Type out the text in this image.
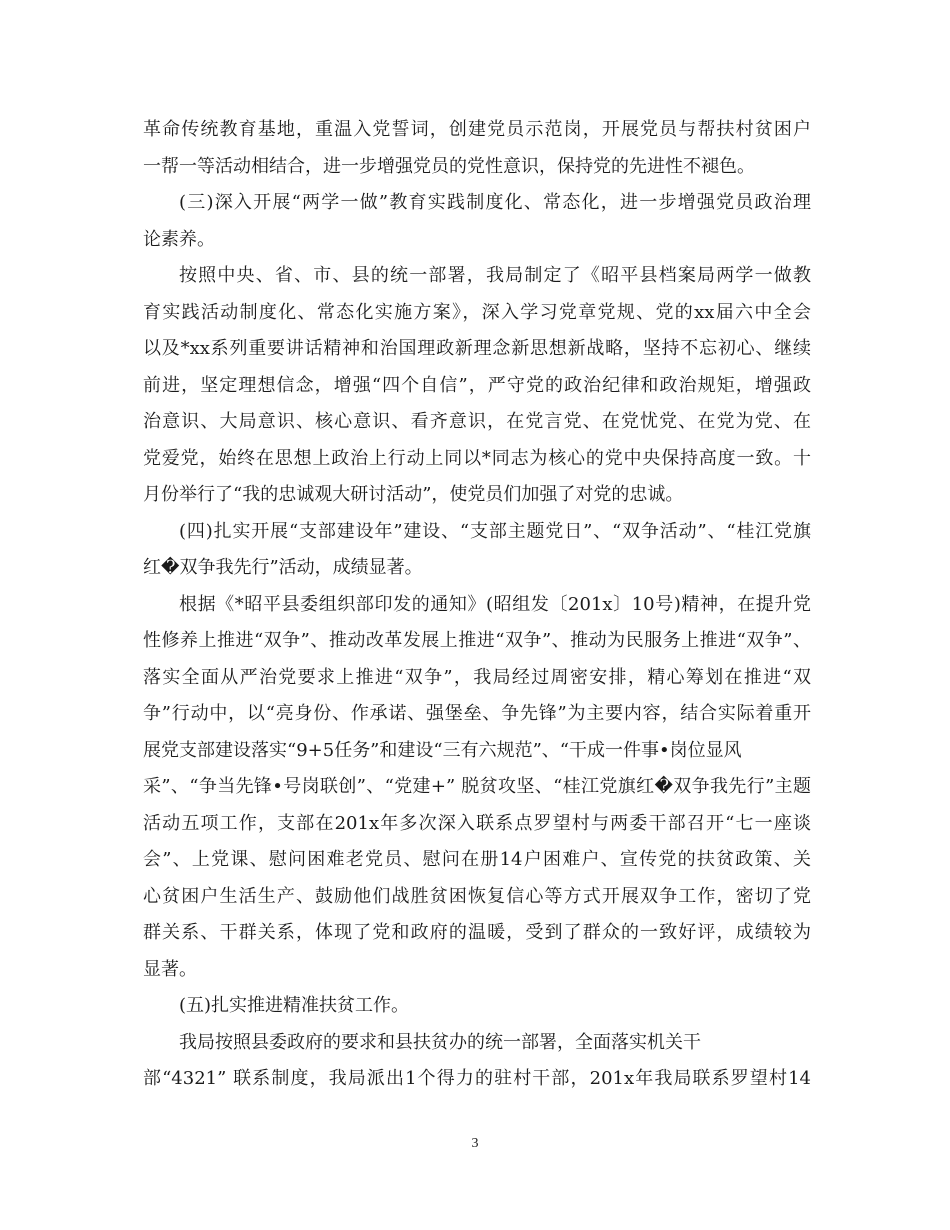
革命传统教育基地，重温入党誓词，创建党员示范岗，开展党员与帮扶村贫困户
一帮一等活动相结合，进一步增强党员的党性意识，保持党的先进性不褪色。
(三)深入开展“两学一做”教育实践制度化、常态化，进一步增强党员政治理
论素养。
按照中央、省、市、县的统一部署，我局制定了《昭平县档案局两学一做教
育实践活动制度化、常态化实施方案》，深入学习党章党规、党的xx届六中全会
以及*xx系列重要讲话精神和治国理政新理念新思想新战略，坚持不忘初心、继续
前进，坚定理想信念，增强“四个自信”，严守党的政治纪律和政治规矩，增强政
治意识、大局意识、核心意识、看齐意识，在党言党、在党忧党、在党为党、在
党爱党，始终在思想上政治上行动上同以*同志为核心的党中央保持高度一致。十
月份举行了“我的忠诚观大研讨活动”，使党员们加强了对党的忠诚。
(四)扎实开展“支部建设年”建设、“支部主题党日”、“双争活动”、“桂江党旗
红�双争我先行”活动，成绩显著。
根据《*昭平县委组织部印发的通知》(昭组发〔201x〕10号)精神，在提升党
性修养上推进“双争”、推动改革发展上推进“双争”、推动为民服务上推进“双争”、
落实全面从严治党要求上推进“双争”，我局经过周密安排，精心筹划在推进“双
争”行动中，以“亮身份、作承诺、强堡垒、争先锋”为主要内容，结合实际着重开
展党支部建设落实“9+5任务”和建设“三有六规范”、“干成一件事•岗位显风
采”、“争当先锋•号岗联创”、“党建+” 脱贫攻坚、“桂江党旗红�双争我先行”主题
活动五项工作，支部在201x年多次深入联系点罗望村与两委干部召开“七一座谈
会”、上党课、慰问困难老党员、慰问在册14户困难户、宣传党的扶贫政策、关
心贫困户生活生产、鼓励他们战胜贫困恢复信心等方式开展双争工作，密切了党
群关系、干群关系，体现了党和政府的温暖，受到了群众的一致好评，成绩较为
显著。
(五)扎实推进精准扶贫工作。
我局按照县委政府的要求和县扶贫办的统一部署，全面落实机关干
部“4321” 联系制度，我局派出1个得力的驻村干部，201x年我局联系罗望村14
3
